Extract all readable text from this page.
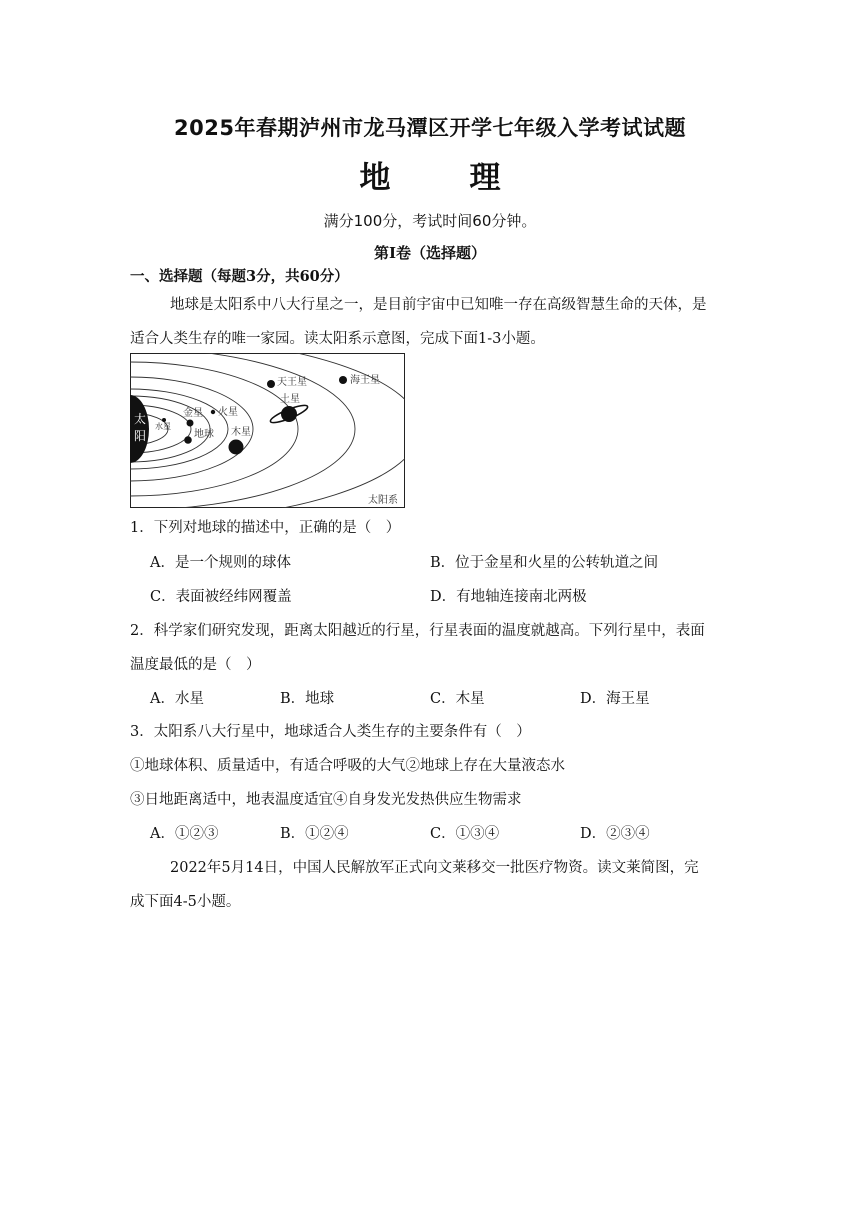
2025年春期泸州市龙马潭区开学七年级入学考试试题
地	理
满分100分，考试时间60分钟。
第Ⅰ卷（选择题）
一、选择题（每题3分，共60分）
地球是太阳系中八大行星之一，是目前宇宙中已知唯一存在高级智慧生命的天体，是
适合人类生存的唯一家园。读太阳系示意图，完成下面1-3小题。
太
阳
水星
金星 火星
地球 木星
土星
天王星	海王星
太阳系
1．下列对地球的描述中，正确的是（　）
A．是一个规则的球体	B．位于金星和火星的公转轨道之间
C．表面被经纬网覆盖	D．有地轴连接南北两极
2．科学家们研究发现，距离太阳越近的行星，行星表面的温度就越高。下列行星中，表面
温度最低的是（　）
A．水星	B．地球	C．木星	D．海王星
3．太阳系八大行星中，地球适合人类生存的主要条件有（　）
①地球体积、质量适中，有适合呼吸的大气②地球上存在大量液态水
③日地距离适中，地表温度适宜④自身发光发热供应生物需求
A．①②③	B．①②④	C．①③④	D．②③④
2022年5月14日，中国人民解放军正式向文莱移交一批医疗物资。读文莱简图，完
成下面4-5小题。
